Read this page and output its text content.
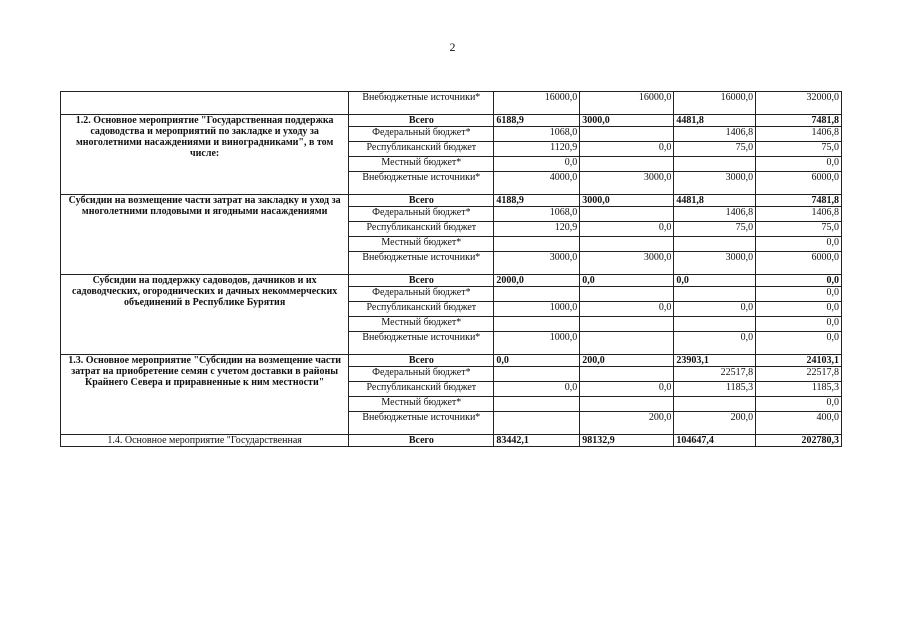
2
	Внебюджетные источники*	16000,0	16000,0	16000,0	32000,0
1.2. Основное мероприятие "Государственная поддержка садоводства и мероприятий по закладке и уходу за многолетними насаждениями и виноградниками", в том числе:	Всего	6188,9	3000,0	4481,8	7481,8
	Федеральный бюджет*	1068,0		1406,8	1406,8
	Республиканский бюджет	1120,9	0,0	75,0	75,0
	Местный бюджет*	0,0			0,0
	Внебюджетные источники*	4000,0	3000,0	3000,0	6000,0
Субсидии на возмещение части затрат на закладку и уход за многолетними плодовыми и ягодными насаждениями	Всего	4188,9	3000,0	4481,8	7481,8
	Федеральный бюджет*	1068,0		1406,8	1406,8
	Республиканский бюджет	120,9	0,0	75,0	75,0
	Местный бюджет*				0,0
	Внебюджетные источники*	3000,0	3000,0	3000,0	6000,0
Субсидии на поддержку садоводов, дачников и их садоводческих, огороднических и дачных некоммерческих объединений в Республике Бурятия	Всего	2000,0	0,0	0,0	0,0
	Федеральный бюджет*				0,0
	Республиканский бюджет	1000,0	0,0	0,0	0,0
	Местный бюджет*				0,0
	Внебюджетные источники*	1000,0		0,0	0,0
1.3. Основное мероприятие "Субсидии на возмещение части затрат на приобретение семян с учетом доставки в районы Крайнего Севера и приравненные к ним местности"	Всего	0,0	200,0	23903,1	24103,1
	Федеральный бюджет*			22517,8	22517,8
	Республиканский бюджет	0,0	0,0	1185,3	1185,3
	Местный бюджет*				0,0
	Внебюджетные источники*		200,0	200,0	400,0
1.4. Основное мероприятие "Государственная	Всего	83442,1	98132,9	104647,4	202780,3
